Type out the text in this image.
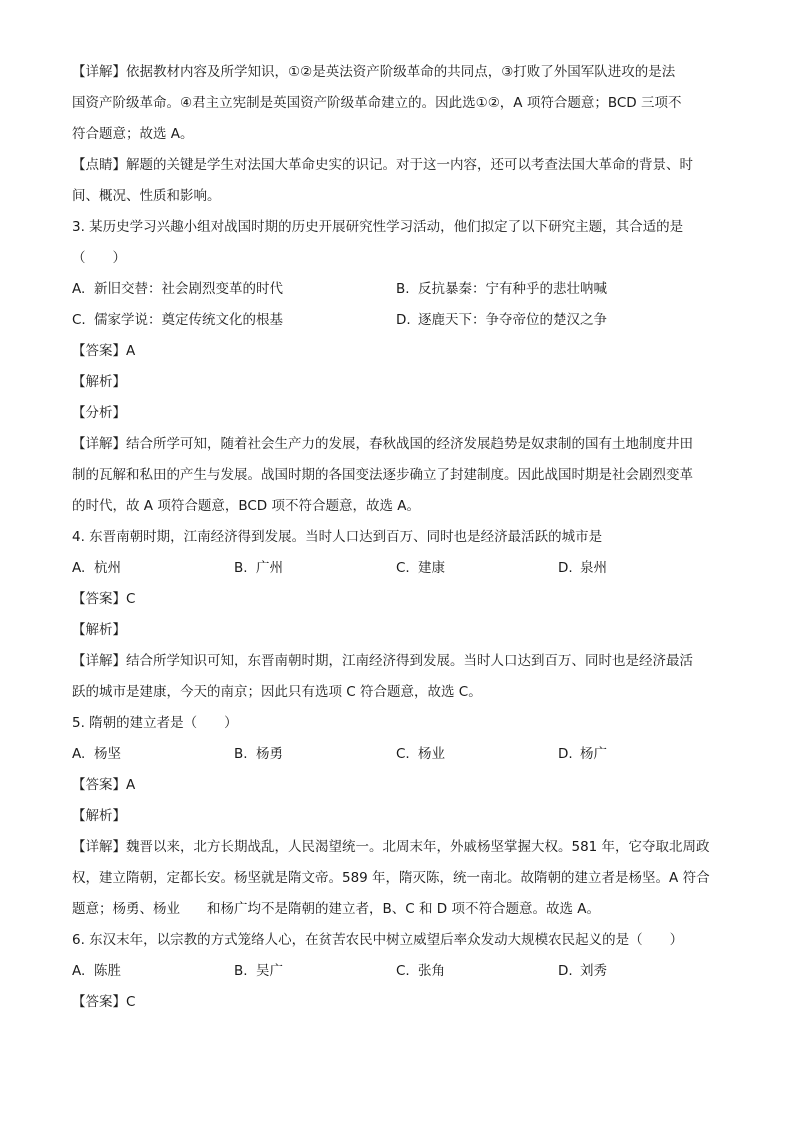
【详解】依据教材内容及所学知识，①②是英法资产阶级革命的共同点，③打败了外国军队进攻的是法
国资产阶级革命。④君主立宪制是英国资产阶级革命建立的。因此选①②，A 项符合题意；BCD 三项不
符合题意；故选 A。
【点睛】解题的关键是学生对法国大革命史实的识记。对于这一内容，还可以考查法国大革命的背景、时
间、概况、性质和影响。
3. 某历史学习兴趣小组对战国时期的历史开展研究性学习活动，他们拟定了以下研究主题，其合适的是
（　　）
A. 新旧交替：社会剧烈变革的时代	B. 反抗暴秦：宁有种乎的悲壮呐喊
C. 儒家学说：奠定传统文化的根基	D. 逐鹿天下：争夺帝位的楚汉之争
【答案】A
【解析】
【分析】
【详解】结合所学可知，随着社会生产力的发展，春秋战国的经济发展趋势是奴隶制的国有土地制度井田
制的瓦解和私田的产生与发展。战国时期的各国变法逐步确立了封建制度。因此战国时期是社会剧烈变革
的时代，故 A 项符合题意，BCD 项不符合题意，故选 A。
4. 东晋南朝时期，江南经济得到发展。当时人口达到百万、同时也是经济最活跃的城市是
A. 杭州	B. 广州	C. 建康	D. 泉州
【答案】C
【解析】
【详解】结合所学知识可知，东晋南朝时期，江南经济得到发展。当时人口达到百万、同时也是经济最活
跃的城市是建康，今天的南京；因此只有选项 C 符合题意，故选 C。
5. 隋朝的建立者是（　　）
A. 杨坚	B. 杨勇	C. 杨业	D. 杨广
【答案】A
【解析】
【详解】魏晋以来，北方长期战乱，人民渴望统一。北周末年，外戚杨坚掌握大权。581 年，它夺取北周政
权，建立隋朝，定都长安。杨坚就是隋文帝。589 年，隋灭陈，统一南北。故隋朝的建立者是杨坚。A 符合
题意；杨勇、杨业　　和杨广均不是隋朝的建立者，B、C 和 D 项不符合题意。故选 A。
6. 东汉末年，以宗教的方式笼络人心，在贫苦农民中树立威望后率众发动大规模农民起义的是（　　）
A. 陈胜	B. 吴广	C. 张角	D. 刘秀
【答案】C
